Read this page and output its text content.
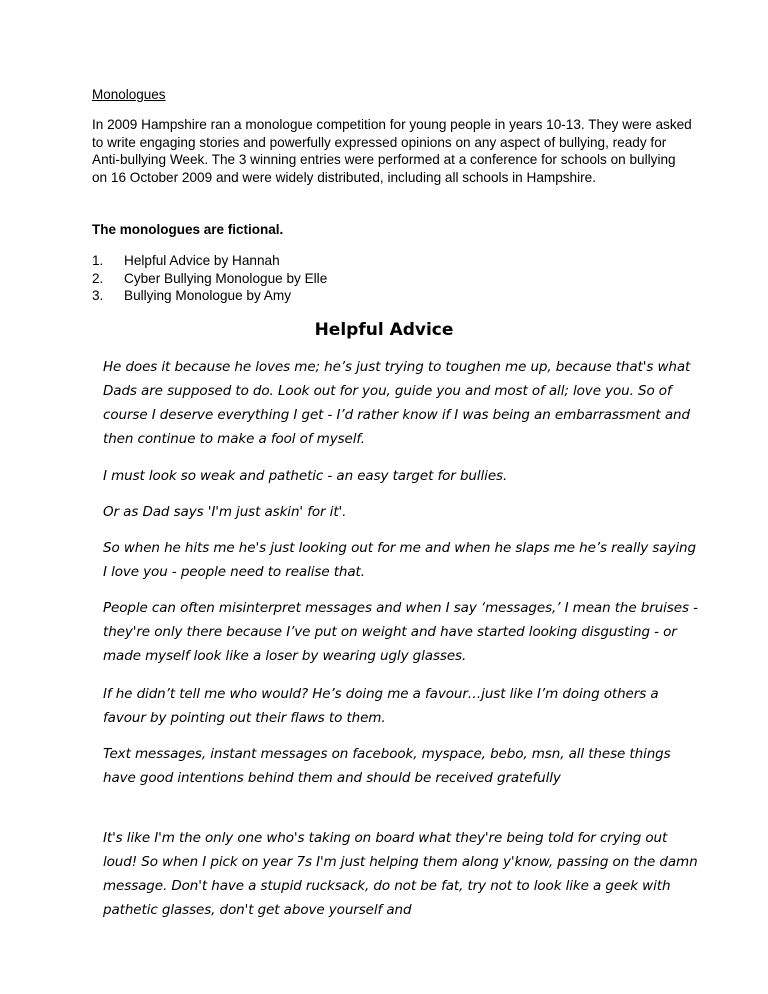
Monologues

In 2009 Hampshire ran a monologue competition for young people in years 10-13. They were asked to write engaging stories and powerfully expressed opinions on any aspect of bullying, ready for Anti-bullying Week. The 3 winning entries were performed at a conference for schools on bullying on 16 October 2009 and were widely distributed, including all schools in Hampshire.

The monologues are fictional.

1.	Helpful Advice by Hannah
2.	Cyber Bullying Monologue by Elle
3.	Bullying Monologue by Amy
Helpful Advice

He does it because he loves me; he’s just trying to toughen me up, because that's what Dads are supposed to do. Look out for you, guide you and most of all; love you. So of course I deserve everything I get - I’d rather know if I was being an embarrassment and then continue to make a fool of myself.

I must look so weak and pathetic - an easy target for bullies.

Or as Dad says 'I'm just askin' for it'.

So when he hits me he's just looking out for me and when he slaps me he’s really saying I love you - people need to realise that.

People can often misinterpret messages and when I say ‘messages,’ I mean the bruises - they're only there because I’ve put on weight and have started looking disgusting - or made myself look like a loser by wearing ugly glasses.

If he didn’t tell me who would? He’s doing me a favour…just like I’m doing others a favour by pointing out their flaws to them.

Text messages, instant messages on facebook, myspace, bebo, msn, all these things have good intentions behind them and should be received gratefully

It's like I'm the only one who's taking on board what they're being told for crying out loud! So when I pick on year 7s I'm just helping them along y'know, passing on the damn message. Don't have a stupid rucksack, do not be fat, try not to look like a geek with pathetic glasses, don't get above yourself and
